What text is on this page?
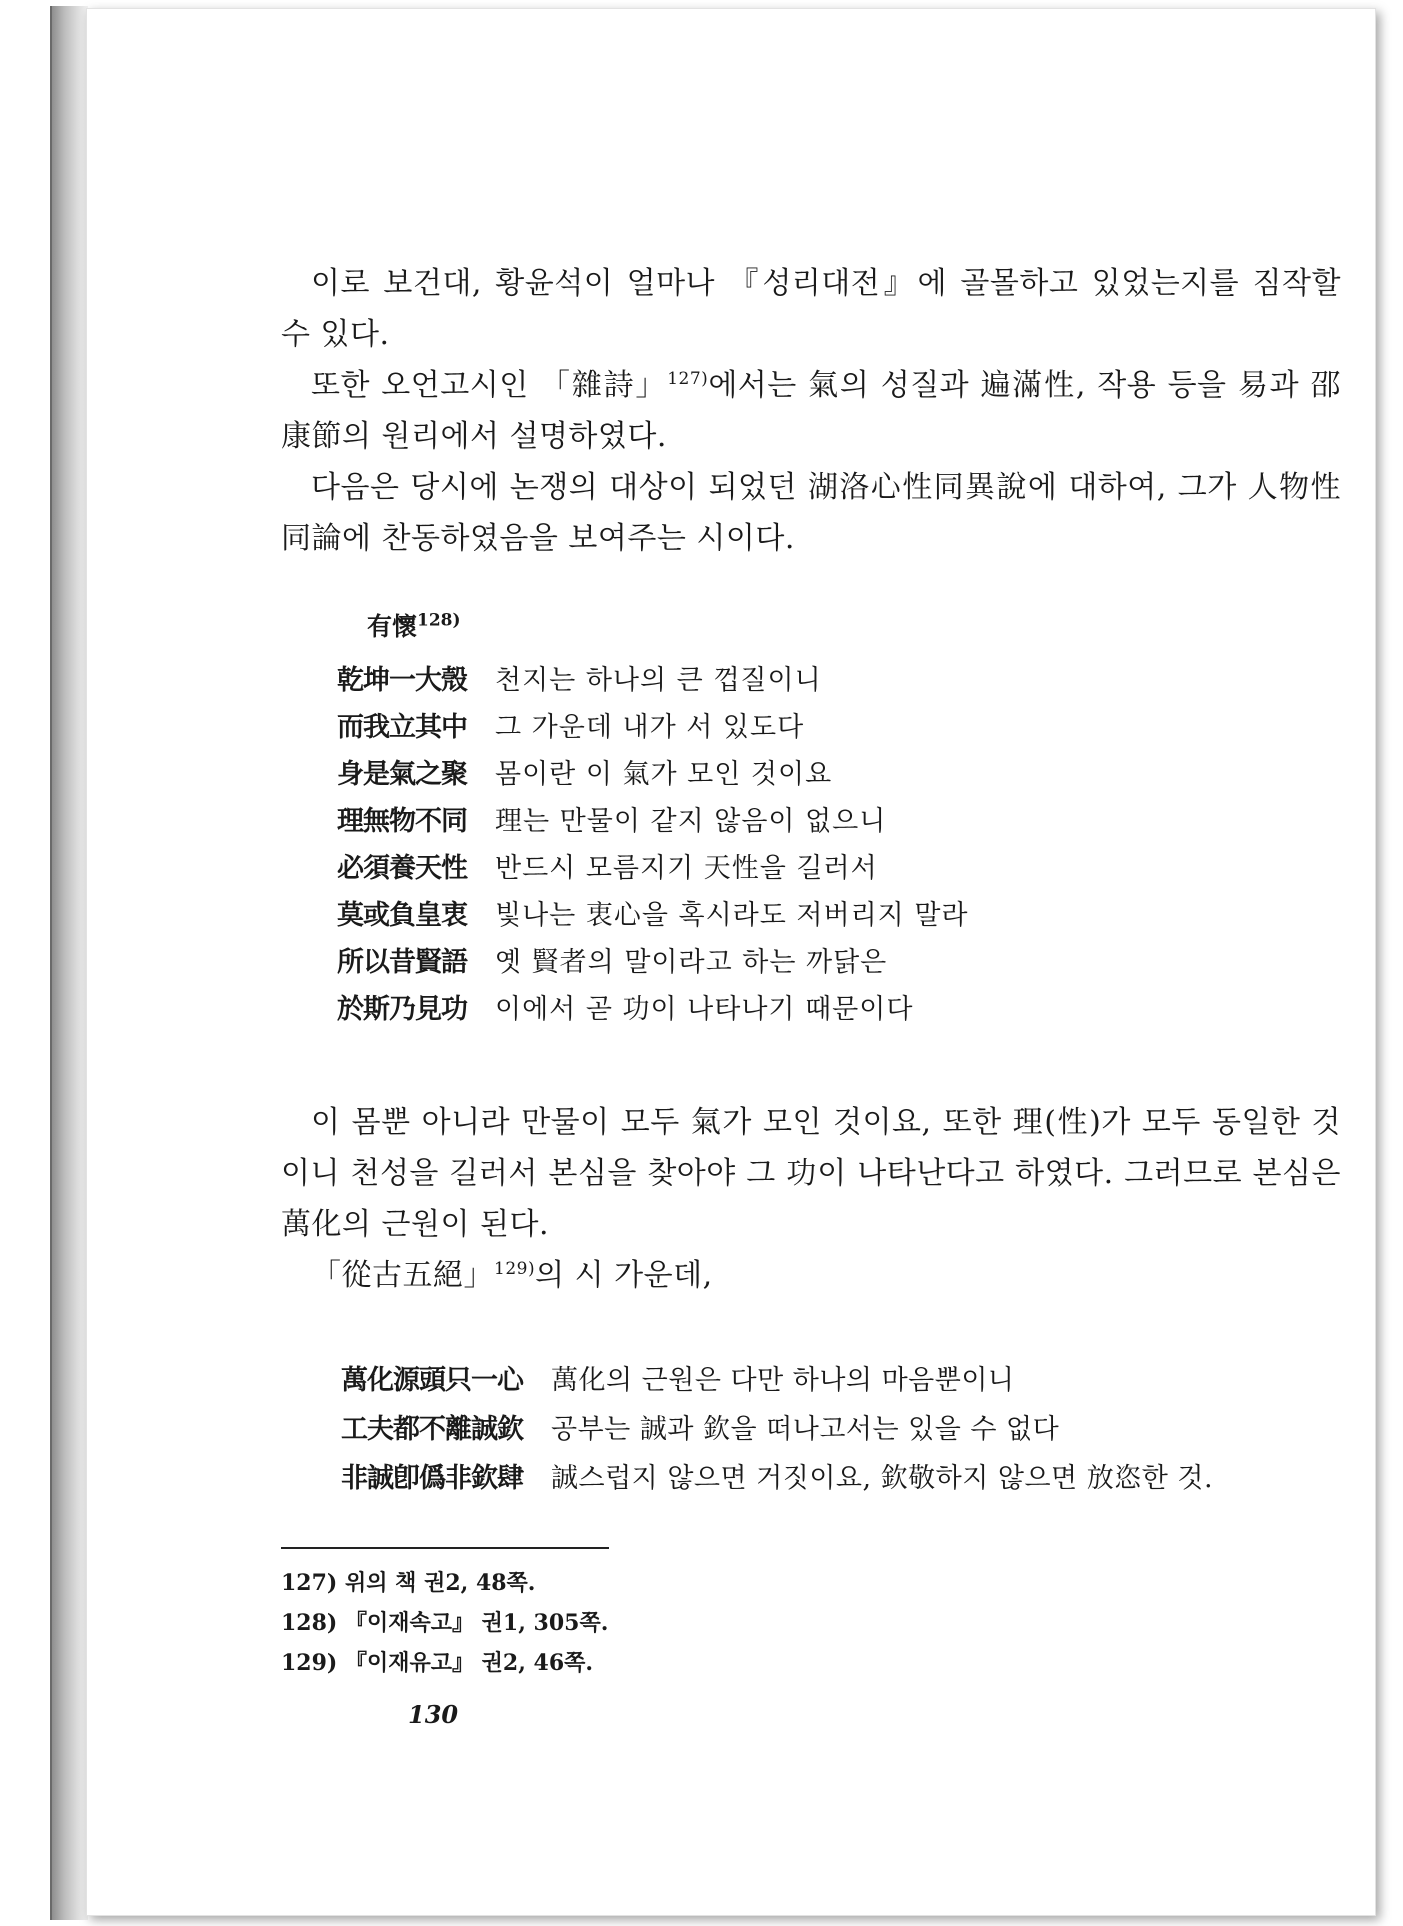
이로 보건대, 황윤석이 얼마나 『성리대전』에 골몰하고 있었는지를 짐작할 수 있다.

또한 오언고시인 「雜詩」$^{127)}$에서는 氣의 성질과 遍滿性, 작용 등을 易과 邵康節의 원리에서 설명하였다.

다음은 당시에 논쟁의 대상이 되었던 湖洛心性同異說에 대하여, 그가 人物性同論에 찬동하였음을 보여주는 시이다.

有懷$^{128)}$
乾坤一大殼	천지는 하나의 큰 껍질이니
而我立其中	그 가운데 내가 서 있도다
身是氣之聚	몸이란 이 氣가 모인 것이요
理無物不同	理는 만물이 같지 않음이 없으니
必須養天性	반드시 모름지기 天性을 길러서
莫或負皇衷	빛나는 衷心을 혹시라도 저버리지 말라
所以昔賢語	옛 賢者의 말이라고 하는 까닭은
於斯乃見功	이에서 곧 功이 나타나기 때문이다

이 몸뿐 아니라 만물이 모두 氣가 모인 것이요, 또한 理(性)가 모두 동일한 것이니 천성을 길러서 본심을 찾아야 그 功이 나타난다고 하였다. 그러므로 본심은 萬化의 근원이 된다.

「從古五絕」$^{129)}$의 시 가운데,

萬化源頭只一心	萬化의 근원은 다만 하나의 마음뿐이니
工夫都不離誠欽	공부는 誠과 欽을 떠나고서는 있을 수 없다
非誠卽僞非欽肆	誠스럽지 않으면 거짓이요, 欽敬하지 않으면 放恣한 것.
127) 위의 책 권2, 48쪽.
128) 『이재속고』 권1, 305쪽.
129) 『이재유고』 권2, 46쪽.
130
